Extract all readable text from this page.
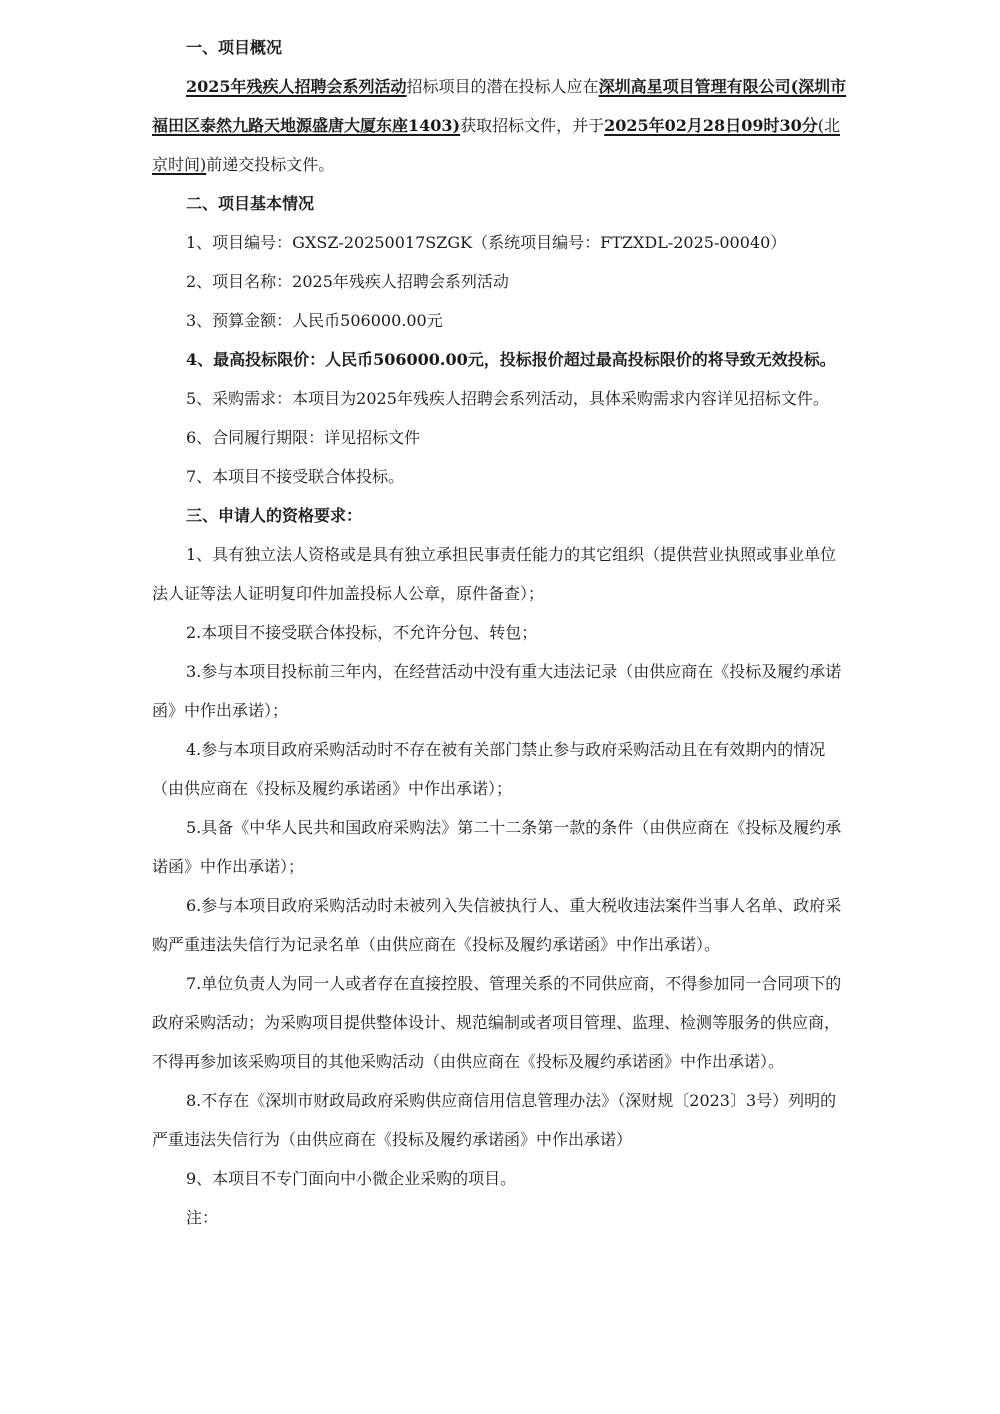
一、项目概况

2025年残疾人招聘会系列活动招标项目的潜在投标人应在深圳高星项目管理有限公司(深圳市福田区泰然九路天地源盛唐大厦东座1403)获取招标文件，并于2025年02月28日09时30分(北京时间)前递交投标文件。

二、项目基本情况

1、项目编号：GXSZ-20250017SZGK（系统项目编号：FTZXDL-2025-00040）

2、项目名称：2025年残疾人招聘会系列活动

3、预算金额：人民币506000.00元

4、最高投标限价：人民币506000.00元，投标报价超过最高投标限价的将导致无效投标。

5、采购需求：本项目为2025年残疾人招聘会系列活动，具体采购需求内容详见招标文件。

6、合同履行期限：详见招标文件

7、本项目不接受联合体投标。

三、申请人的资格要求：

1、具有独立法人资格或是具有独立承担民事责任能力的其它组织（提供营业执照或事业单位法人证等法人证明复印件加盖投标人公章，原件备查）；

2.本项目不接受联合体投标，不允许分包、转包；

3.参与本项目投标前三年内，在经营活动中没有重大违法记录（由供应商在《投标及履约承诺函》中作出承诺）；

4.参与本项目政府采购活动时不存在被有关部门禁止参与政府采购活动且在有效期内的情况（由供应商在《投标及履约承诺函》中作出承诺）；

5.具备《中华人民共和国政府采购法》第二十二条第一款的条件（由供应商在《投标及履约承诺函》中作出承诺）；

6.参与本项目政府采购活动时未被列入失信被执行人、重大税收违法案件当事人名单、政府采购严重违法失信行为记录名单（由供应商在《投标及履约承诺函》中作出承诺）。

7.单位负责人为同一人或者存在直接控股、管理关系的不同供应商，不得参加同一合同项下的政府采购活动；为采购项目提供整体设计、规范编制或者项目管理、监理、检测等服务的供应商，不得再参加该采购项目的其他采购活动（由供应商在《投标及履约承诺函》中作出承诺）。

8.不存在《深圳市财政局政府采购供应商信用信息管理办法》（深财规〔2023〕3号）列明的严重违法失信行为（由供应商在《投标及履约承诺函》中作出承诺）

9、本项目不专门面向中小微企业采购的项目。

注：
